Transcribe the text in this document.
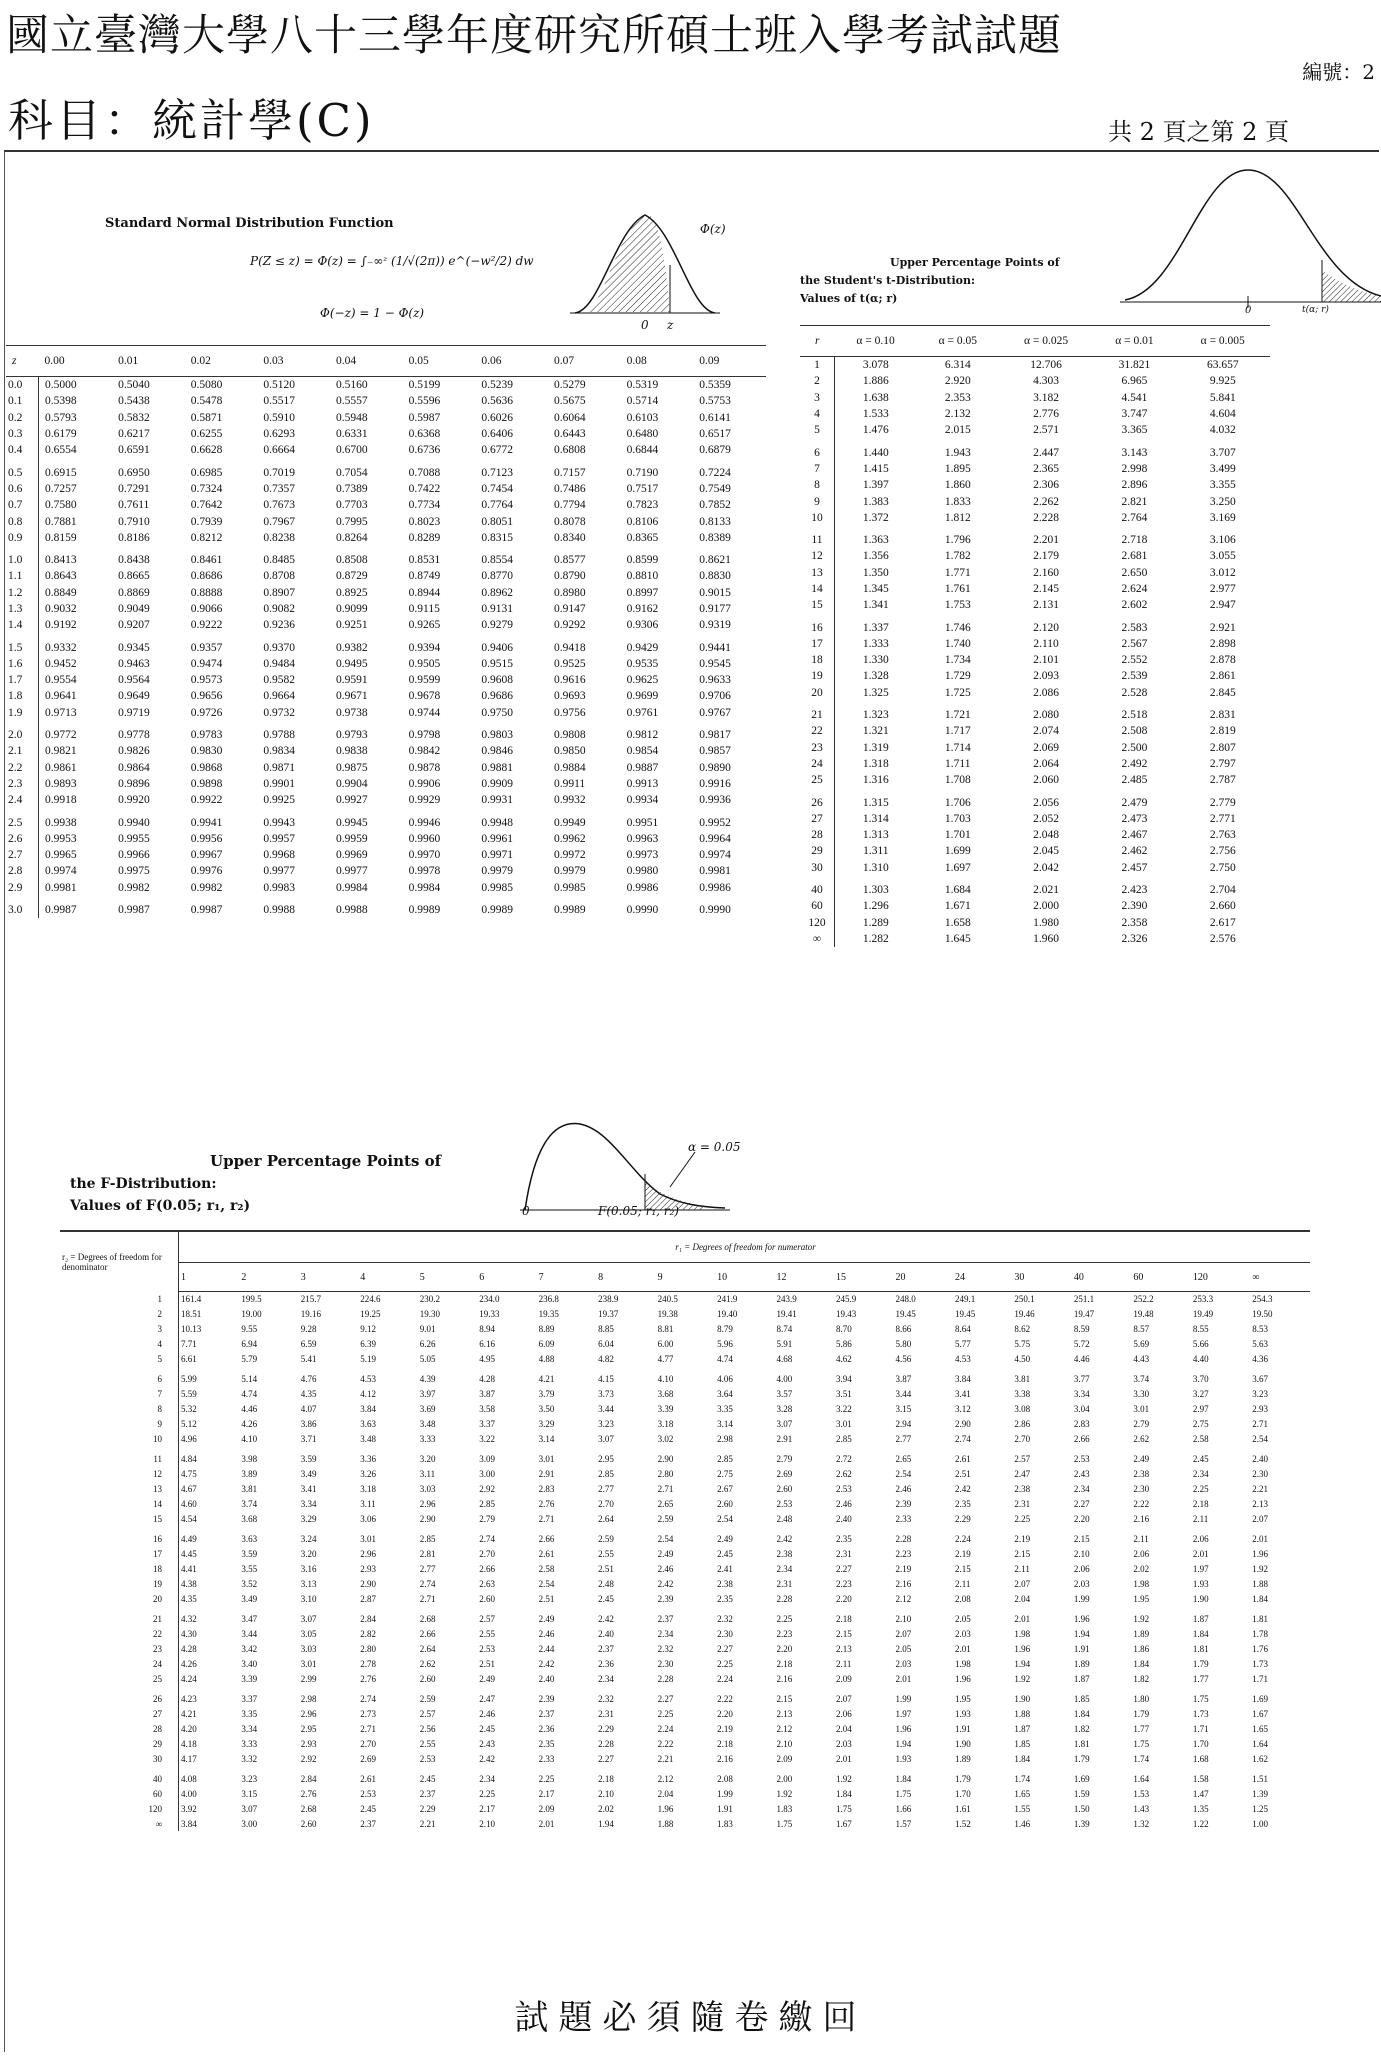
國立臺灣大學八十三學年度研究所碩士班入學考試試題
科目：統計學(C)
編號：2
共 2 頁之第 2 頁
Standard Normal Distribution Function
P(Z ≤ z) = Φ(z) = ∫₋∞ᶻ (1/√(2π)) e^(−w²/2) dw
Φ(−z) = 1 − Φ(z)
Φ(z)
0 z
z	0.00	0.01	0.02	0.03	0.04	0.05	0.06	0.07	0.08	0.09
0.0	0.5000	0.5040	0.5080	0.5120	0.5160	0.5199	0.5239	0.5279	0.5319	0.5359
0.1	0.5398	0.5438	0.5478	0.5517	0.5557	0.5596	0.5636	0.5675	0.5714	0.5753
0.2	0.5793	0.5832	0.5871	0.5910	0.5948	0.5987	0.6026	0.6064	0.6103	0.6141
0.3	0.6179	0.6217	0.6255	0.6293	0.6331	0.6368	0.6406	0.6443	0.6480	0.6517
0.4	0.6554	0.6591	0.6628	0.6664	0.6700	0.6736	0.6772	0.6808	0.6844	0.6879
0.5	0.6915	0.6950	0.6985	0.7019	0.7054	0.7088	0.7123	0.7157	0.7190	0.7224
0.6	0.7257	0.7291	0.7324	0.7357	0.7389	0.7422	0.7454	0.7486	0.7517	0.7549
0.7	0.7580	0.7611	0.7642	0.7673	0.7703	0.7734	0.7764	0.7794	0.7823	0.7852
0.8	0.7881	0.7910	0.7939	0.7967	0.7995	0.8023	0.8051	0.8078	0.8106	0.8133
0.9	0.8159	0.8186	0.8212	0.8238	0.8264	0.8289	0.8315	0.8340	0.8365	0.8389
1.0	0.8413	0.8438	0.8461	0.8485	0.8508	0.8531	0.8554	0.8577	0.8599	0.8621
1.1	0.8643	0.8665	0.8686	0.8708	0.8729	0.8749	0.8770	0.8790	0.8810	0.8830
1.2	0.8849	0.8869	0.8888	0.8907	0.8925	0.8944	0.8962	0.8980	0.8997	0.9015
1.3	0.9032	0.9049	0.9066	0.9082	0.9099	0.9115	0.9131	0.9147	0.9162	0.9177
1.4	0.9192	0.9207	0.9222	0.9236	0.9251	0.9265	0.9279	0.9292	0.9306	0.9319
1.5	0.9332	0.9345	0.9357	0.9370	0.9382	0.9394	0.9406	0.9418	0.9429	0.9441
1.6	0.9452	0.9463	0.9474	0.9484	0.9495	0.9505	0.9515	0.9525	0.9535	0.9545
1.7	0.9554	0.9564	0.9573	0.9582	0.9591	0.9599	0.9608	0.9616	0.9625	0.9633
1.8	0.9641	0.9649	0.9656	0.9664	0.9671	0.9678	0.9686	0.9693	0.9699	0.9706
1.9	0.9713	0.9719	0.9726	0.9732	0.9738	0.9744	0.9750	0.9756	0.9761	0.9767
2.0	0.9772	0.9778	0.9783	0.9788	0.9793	0.9798	0.9803	0.9808	0.9812	0.9817
2.1	0.9821	0.9826	0.9830	0.9834	0.9838	0.9842	0.9846	0.9850	0.9854	0.9857
2.2	0.9861	0.9864	0.9868	0.9871	0.9875	0.9878	0.9881	0.9884	0.9887	0.9890
2.3	0.9893	0.9896	0.9898	0.9901	0.9904	0.9906	0.9909	0.9911	0.9913	0.9916
2.4	0.9918	0.9920	0.9922	0.9925	0.9927	0.9929	0.9931	0.9932	0.9934	0.9936
2.5	0.9938	0.9940	0.9941	0.9943	0.9945	0.9946	0.9948	0.9949	0.9951	0.9952
2.6	0.9953	0.9955	0.9956	0.9957	0.9959	0.9960	0.9961	0.9962	0.9963	0.9964
2.7	0.9965	0.9966	0.9967	0.9968	0.9969	0.9970	0.9971	0.9972	0.9973	0.9974
2.8	0.9974	0.9975	0.9976	0.9977	0.9977	0.9978	0.9979	0.9979	0.9980	0.9981
2.9	0.9981	0.9982	0.9982	0.9983	0.9984	0.9984	0.9985	0.9985	0.9986	0.9986
3.0	0.9987	0.9987	0.9987	0.9988	0.9988	0.9989	0.9989	0.9989	0.9990	0.9990
Upper Percentage Points of
the Student's t-Distribution:
Values of t(α; r)
0	t(α; r)
r	α = 0.10	α = 0.05	α = 0.025	α = 0.01	α = 0.005
1	3.078	6.314	12.706	31.821	63.657
2	1.886	2.920	4.303	6.965	9.925
3	1.638	2.353	3.182	4.541	5.841
4	1.533	2.132	2.776	3.747	4.604
5	1.476	2.015	2.571	3.365	4.032
6	1.440	1.943	2.447	3.143	3.707
7	1.415	1.895	2.365	2.998	3.499
8	1.397	1.860	2.306	2.896	3.355
9	1.383	1.833	2.262	2.821	3.250
10	1.372	1.812	2.228	2.764	3.169
11	1.363	1.796	2.201	2.718	3.106
12	1.356	1.782	2.179	2.681	3.055
13	1.350	1.771	2.160	2.650	3.012
14	1.345	1.761	2.145	2.624	2.977
15	1.341	1.753	2.131	2.602	2.947
16	1.337	1.746	2.120	2.583	2.921
17	1.333	1.740	2.110	2.567	2.898
18	1.330	1.734	2.101	2.552	2.878
19	1.328	1.729	2.093	2.539	2.861
20	1.325	1.725	2.086	2.528	2.845
21	1.323	1.721	2.080	2.518	2.831
22	1.321	1.717	2.074	2.508	2.819
23	1.319	1.714	2.069	2.500	2.807
24	1.318	1.711	2.064	2.492	2.797
25	1.316	1.708	2.060	2.485	2.787
26	1.315	1.706	2.056	2.479	2.779
27	1.314	1.703	2.052	2.473	2.771
28	1.313	1.701	2.048	2.467	2.763
29	1.311	1.699	2.045	2.462	2.756
30	1.310	1.697	2.042	2.457	2.750
40	1.303	1.684	2.021	2.423	2.704
60	1.296	1.671	2.000	2.390	2.660
120	1.289	1.658	1.980	2.358	2.617
∞	1.282	1.645	1.960	2.326	2.576
Upper Percentage Points of
the F-Distribution:
Values of F(0.05; r₁, r₂)
α = 0.05
0	F(0.05; r₁, r₂)
r₂ = Degrees of freedom for denominator	r₁ = Degrees of freedom for numerator																		
	1	2	3	4	5	6	7	8	9	10	12	15	20	24	30	40	60	120	∞
1	161.4	199.5	215.7	224.6	230.2	234.0	236.8	238.9	240.5	241.9	243.9	245.9	248.0	249.1	250.1	251.1	252.2	253.3	254.3
2	18.51	19.00	19.16	19.25	19.30	19.33	19.35	19.37	19.38	19.40	19.41	19.43	19.45	19.45	19.46	19.47	19.48	19.49	19.50
3	10.13	9.55	9.28	9.12	9.01	8.94	8.89	8.85	8.81	8.79	8.74	8.70	8.66	8.64	8.62	8.59	8.57	8.55	8.53
4	7.71	6.94	6.59	6.39	6.26	6.16	6.09	6.04	6.00	5.96	5.91	5.86	5.80	5.77	5.75	5.72	5.69	5.66	5.63
5	6.61	5.79	5.41	5.19	5.05	4.95	4.88	4.82	4.77	4.74	4.68	4.62	4.56	4.53	4.50	4.46	4.43	4.40	4.36
6	5.99	5.14	4.76	4.53	4.39	4.28	4.21	4.15	4.10	4.06	4.00	3.94	3.87	3.84	3.81	3.77	3.74	3.70	3.67
7	5.59	4.74	4.35	4.12	3.97	3.87	3.79	3.73	3.68	3.64	3.57	3.51	3.44	3.41	3.38	3.34	3.30	3.27	3.23
8	5.32	4.46	4.07	3.84	3.69	3.58	3.50	3.44	3.39	3.35	3.28	3.22	3.15	3.12	3.08	3.04	3.01	2.97	2.93
9	5.12	4.26	3.86	3.63	3.48	3.37	3.29	3.23	3.18	3.14	3.07	3.01	2.94	2.90	2.86	2.83	2.79	2.75	2.71
10	4.96	4.10	3.71	3.48	3.33	3.22	3.14	3.07	3.02	2.98	2.91	2.85	2.77	2.74	2.70	2.66	2.62	2.58	2.54
11	4.84	3.98	3.59	3.36	3.20	3.09	3.01	2.95	2.90	2.85	2.79	2.72	2.65	2.61	2.57	2.53	2.49	2.45	2.40
12	4.75	3.89	3.49	3.26	3.11	3.00	2.91	2.85	2.80	2.75	2.69	2.62	2.54	2.51	2.47	2.43	2.38	2.34	2.30
13	4.67	3.81	3.41	3.18	3.03	2.92	2.83	2.77	2.71	2.67	2.60	2.53	2.46	2.42	2.38	2.34	2.30	2.25	2.21
14	4.60	3.74	3.34	3.11	2.96	2.85	2.76	2.70	2.65	2.60	2.53	2.46	2.39	2.35	2.31	2.27	2.22	2.18	2.13
15	4.54	3.68	3.29	3.06	2.90	2.79	2.71	2.64	2.59	2.54	2.48	2.40	2.33	2.29	2.25	2.20	2.16	2.11	2.07
16	4.49	3.63	3.24	3.01	2.85	2.74	2.66	2.59	2.54	2.49	2.42	2.35	2.28	2.24	2.19	2.15	2.11	2.06	2.01
17	4.45	3.59	3.20	2.96	2.81	2.70	2.61	2.55	2.49	2.45	2.38	2.31	2.23	2.19	2.15	2.10	2.06	2.01	1.96
18	4.41	3.55	3.16	2.93	2.77	2.66	2.58	2.51	2.46	2.41	2.34	2.27	2.19	2.15	2.11	2.06	2.02	1.97	1.92
19	4.38	3.52	3.13	2.90	2.74	2.63	2.54	2.48	2.42	2.38	2.31	2.23	2.16	2.11	2.07	2.03	1.98	1.93	1.88
20	4.35	3.49	3.10	2.87	2.71	2.60	2.51	2.45	2.39	2.35	2.28	2.20	2.12	2.08	2.04	1.99	1.95	1.90	1.84
21	4.32	3.47	3.07	2.84	2.68	2.57	2.49	2.42	2.37	2.32	2.25	2.18	2.10	2.05	2.01	1.96	1.92	1.87	1.81
22	4.30	3.44	3.05	2.82	2.66	2.55	2.46	2.40	2.34	2.30	2.23	2.15	2.07	2.03	1.98	1.94	1.89	1.84	1.78
23	4.28	3.42	3.03	2.80	2.64	2.53	2.44	2.37	2.32	2.27	2.20	2.13	2.05	2.01	1.96	1.91	1.86	1.81	1.76
24	4.26	3.40	3.01	2.78	2.62	2.51	2.42	2.36	2.30	2.25	2.18	2.11	2.03	1.98	1.94	1.89	1.84	1.79	1.73
25	4.24	3.39	2.99	2.76	2.60	2.49	2.40	2.34	2.28	2.24	2.16	2.09	2.01	1.96	1.92	1.87	1.82	1.77	1.71
26	4.23	3.37	2.98	2.74	2.59	2.47	2.39	2.32	2.27	2.22	2.15	2.07	1.99	1.95	1.90	1.85	1.80	1.75	1.69
27	4.21	3.35	2.96	2.73	2.57	2.46	2.37	2.31	2.25	2.20	2.13	2.06	1.97	1.93	1.88	1.84	1.79	1.73	1.67
28	4.20	3.34	2.95	2.71	2.56	2.45	2.36	2.29	2.24	2.19	2.12	2.04	1.96	1.91	1.87	1.82	1.77	1.71	1.65
29	4.18	3.33	2.93	2.70	2.55	2.43	2.35	2.28	2.22	2.18	2.10	2.03	1.94	1.90	1.85	1.81	1.75	1.70	1.64
30	4.17	3.32	2.92	2.69	2.53	2.42	2.33	2.27	2.21	2.16	2.09	2.01	1.93	1.89	1.84	1.79	1.74	1.68	1.62
40	4.08	3.23	2.84	2.61	2.45	2.34	2.25	2.18	2.12	2.08	2.00	1.92	1.84	1.79	1.74	1.69	1.64	1.58	1.51
60	4.00	3.15	2.76	2.53	2.37	2.25	2.17	2.10	2.04	1.99	1.92	1.84	1.75	1.70	1.65	1.59	1.53	1.47	1.39
120	3.92	3.07	2.68	2.45	2.29	2.17	2.09	2.02	1.96	1.91	1.83	1.75	1.66	1.61	1.55	1.50	1.43	1.35	1.25
∞	3.84	3.00	2.60	2.37	2.21	2.10	2.01	1.94	1.88	1.83	1.75	1.67	1.57	1.52	1.46	1.39	1.32	1.22	1.00
試題必須隨卷繳回
